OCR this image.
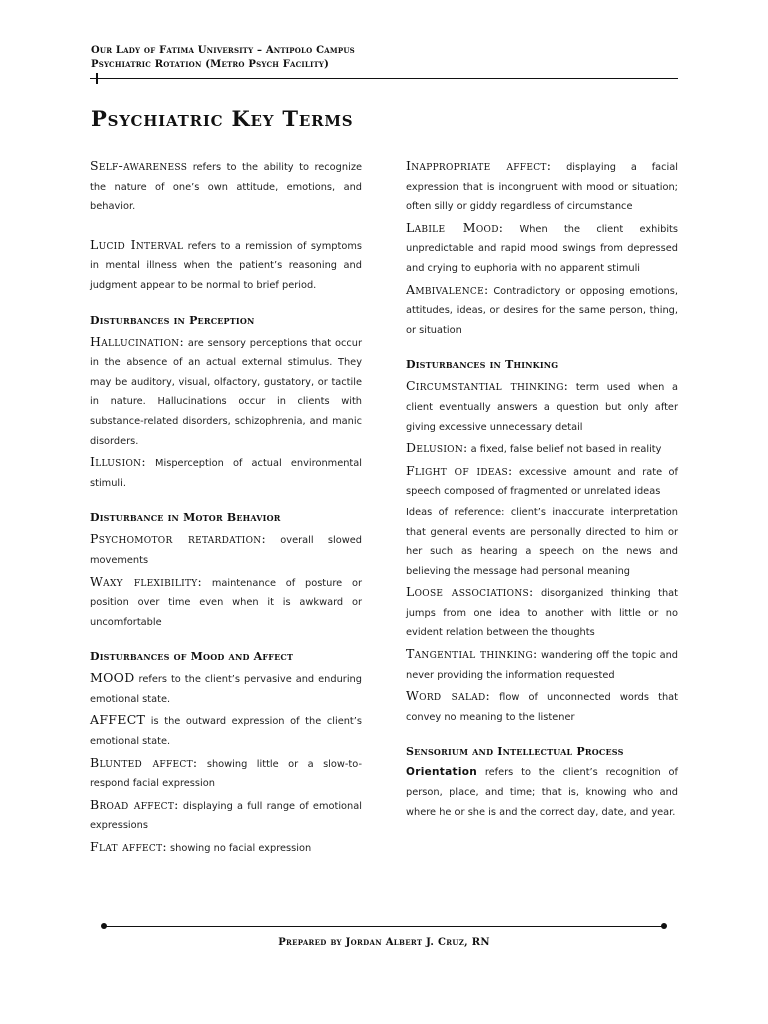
Our Lady of Fatima University – Antipolo Campus
Psychiatric Rotation (Metro Psych Facility)
Psychiatric Key Terms
Self-awareness refers to the ability to recognize the nature of one’s own attitude, emotions, and behavior.
Lucid Interval refers to a remission of symptoms in mental illness when the patient’s reasoning and judgment appear to be normal to brief period.
Disturbances in Perception
Hallucination: are sensory perceptions that occur in the absence of an actual external stimulus. They may be auditory, visual, olfactory, gustatory, or tactile in nature. Hallucinations occur in clients with substance-related disorders, schizophrenia, and manic disorders.
Illusion: Misperception of actual environmental stimuli.
Disturbance in Motor Behavior
Psychomotor retardation: overall slowed movements
Waxy flexibility: maintenance of posture or position over time even when it is awkward or uncomfortable
Disturbances of Mood and Affect
MOOD refers to the client’s pervasive and enduring emotional state.
AFFECT is the outward expression of the client’s emotional state.
Blunted affect: showing little or a slow-to-respond facial expression
Broad affect: displaying a full range of emotional expressions
Flat affect: showing no facial expression
Inappropriate affect: displaying a facial expression that is incongruent with mood or situation; often silly or giddy regardless of circumstance
Labile Mood: When the client exhibits unpredictable and rapid mood swings from depressed and crying to euphoria with no apparent stimuli
Ambivalence: Contradictory or opposing emotions, attitudes, ideas, or desires for the same person, thing, or situation
Disturbances in Thinking
Circumstantial thinking: term used when a client eventually answers a question but only after giving excessive unnecessary detail
Delusion: a fixed, false belief not based in reality
Flight of ideas: excessive amount and rate of speech composed of fragmented or unrelated ideas
Ideas of reference: client’s inaccurate interpretation that general events are personally directed to him or her such as hearing a speech on the news and believing the message had personal meaning
Loose associations: disorganized thinking that jumps from one idea to another with little or no evident relation between the thoughts
Tangential thinking: wandering off the topic and never providing the information requested
Word salad: flow of unconnected words that convey no meaning to the listener
Sensorium and Intellectual Process
Orientation refers to the client’s recognition of person, place, and time; that is, knowing who and where he or she is and the correct day, date, and year.
Prepared by Jordan Albert J. Cruz, RN
